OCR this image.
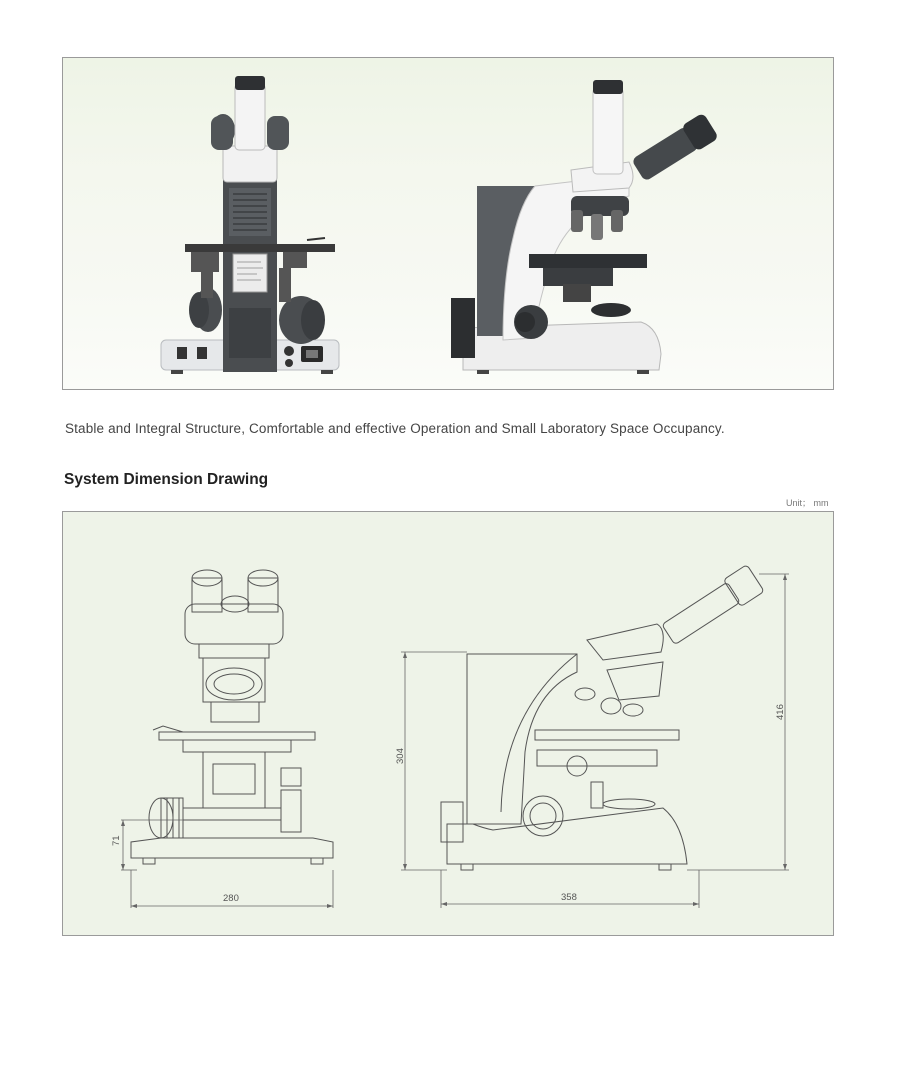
Stable and Integral Structure, Comfortable and effective Operation and Small Laboratory Space Occupancy.
System Dimension Drawing
Unit； mm
71
280
304
416
358
